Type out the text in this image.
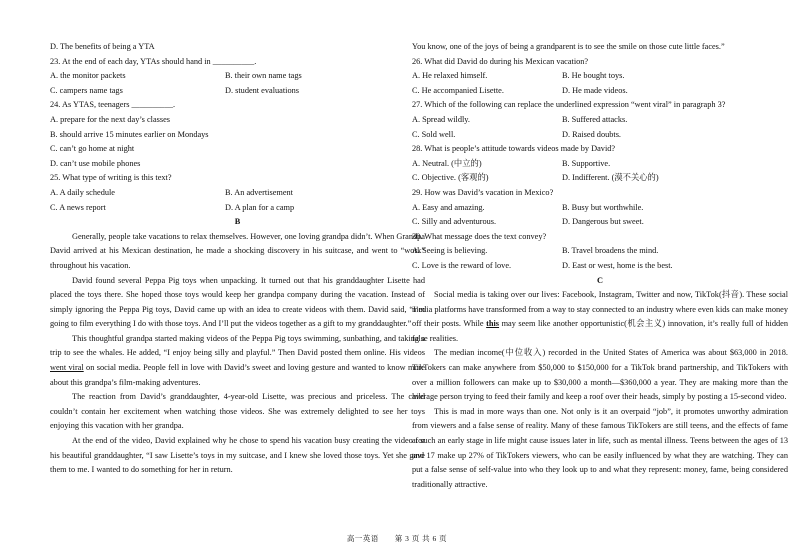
D. The benefits of being a YTA
23. At the end of each day, YTAs should hand in __________.
A. the monitor packets	B. their own name tags
C. campers name tags	D. student evaluations
24. As YTAS, teenagers __________.
A. prepare for the next day’s classes
B. should arrive 15 minutes earlier on Mondays
C. can’t go home at night
D. can’t use mobile phones
25. What type of writing is this text?
A. A daily schedule	B. An advertisement
C. A news report	D. A plan for a camp
B
Generally, people take vacations to relax themselves. However, one loving grandpa didn’t. When Grandpa David arrived at his Mexican destination, he made a shocking discovery in his suitcase, and went to “work” throughout his vacation.
David found several Peppa Pig toys when unpacking. It turned out that his granddaughter Lisette had placed the toys there. She hoped those toys would keep her grandpa company during the vacation. Instead of simply ignoring the Peppa Pig toys, David came up with an idea to create videos with them. David said, “I’m going to film everything I do with those toys. And I’ll put the videos together as a gift to my granddaughter.”
This thoughtful grandpa started making videos of the Peppa Pig toys swimming, sunbathing, and taking a trip to see the whales. He added, “I enjoy being silly and playful.” Then David posted them online. His videos went viral on social media. People fell in love with David’s sweet and loving gesture and wanted to know more about this grandpa’s film-making adventures.
The reaction from David’s granddaughter, 4-year-old Lisette, was precious and priceless. The child couldn’t contain her excitement when watching those videos. She was extremely delighted to see her toys enjoying this vacation with her grandpa.
At the end of the video, David explained why he chose to spend his vacation busy creating the video for his beautiful granddaughter, “I saw Lisette’s toys in my suitcase, and I knew she loved those toys. Yet she gave them to me. I wanted to do something for her in return.
You know, one of the joys of being a grandparent is to see the smile on those cute little faces.”
26. What did David do during his Mexican vacation?
A. He relaxed himself.	B. He bought toys.
C. He accompanied Lisette.	D. He made videos.
27. Which of the following can replace the underlined expression “went viral” in paragraph 3?
A. Spread wildly.	B. Suffered attacks.
C. Sold well.	D. Raised doubts.
28. What is people’s attitude towards videos made by David?
A. Neutral. (中立的)	B. Supportive.
C. Objective. (客观的)	D. Indifferent. (漠不关心的)
29. How was David’s vacation in Mexico?
A. Easy and amazing.	B. Busy but worthwhile.
C. Silly and adventurous.	D. Dangerous but sweet.
30. What message does the text convey?
A. Seeing is believing.	B. Travel broadens the mind.
C. Love is the reward of love.	D. East or west, home is the best.
C
Social media is taking over our lives: Facebook, Instagram, Twitter and now, TikTok(抖音). These social media platforms have transformed from a way to stay connected to an industry where even kids can make money off their posts. While this may seem like another opportunistic(机会主义) innovation, it’s really full of hidden false realities.
The median income(中位收入) recorded in the United States of America was about $63,000 in 2018. TikTokers can make anywhere from $50,000 to $150,000 for a TikTok brand partnership, and TikTokers with over a million followers can make up to $30,000 a month—$360,000 a year. They are making more than the average person trying to feed their family and keep a roof over their heads, simply by posting a 15-second video.
This is mad in more ways than one. Not only is it an overpaid “job”, it promotes unworthy admiration from viewers and a false sense of reality. Many of these famous TikTokers are still teens, and the effects of fame at such an early stage in life might cause issues later in life, such as mental illness. Teens between the ages of 13 and 17 make up 27% of TikTokers viewers, who can be easily influenced by what they are watching. They can put a false sense of self-value into who they look up to and what they represent: money, fame, being considered traditionally attractive.
高一英语　　第 3 页 共 6 页
